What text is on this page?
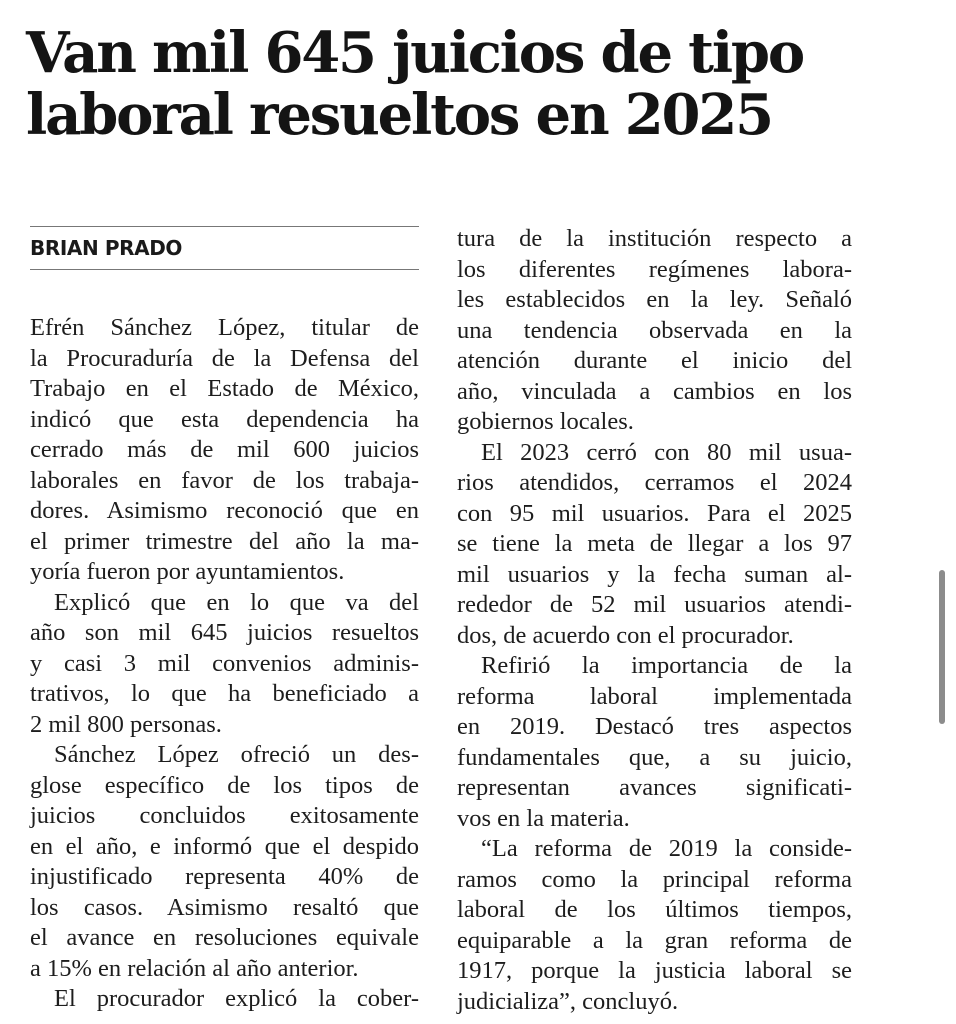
Van mil 645 juicios de tipo
laboral resueltos en 2025
BRIAN PRADO
Efrén Sánchez López, titular de
la Procuraduría de la Defensa del
Trabajo en el Estado de México,
indicó que esta dependencia ha
cerrado más de mil 600 juicios
laborales en favor de los trabaja-
dores. Asimismo reconoció que en
el primer trimestre del año la ma-
yoría fueron por ayuntamientos.
Explicó que en lo que va del
año son mil 645 juicios resueltos
y casi 3 mil convenios adminis-
trativos, lo que ha beneficiado a
2 mil 800 personas.
Sánchez López ofreció un des-
glose específico de los tipos de
juicios concluidos exitosamente
en el año, e informó que el despido
injustificado representa 40% de
los casos. Asimismo resaltó que
el avance en resoluciones equivale
a 15% en relación al año anterior.
El procurador explicó la cober-
tura de la institución respecto a
los diferentes regímenes labora-
les establecidos en la ley. Señaló
una tendencia observada en la
atención durante el inicio del
año, vinculada a cambios en los
gobiernos locales.
El 2023 cerró con 80 mil usua-
rios atendidos, cerramos el 2024
con 95 mil usuarios. Para el 2025
se tiene la meta de llegar a los 97
mil usuarios y la fecha suman al-
rededor de 52 mil usuarios atendi-
dos, de acuerdo con el procurador.
Refirió la importancia de la
reforma laboral implementada
en 2019. Destacó tres aspectos
fundamentales que, a su juicio,
representan avances significati-
vos en la materia.
“La reforma de 2019 la conside-
ramos como la principal reforma
laboral de los últimos tiempos,
equiparable a la gran reforma de
1917, porque la justicia laboral se
judicializa”, concluyó.
